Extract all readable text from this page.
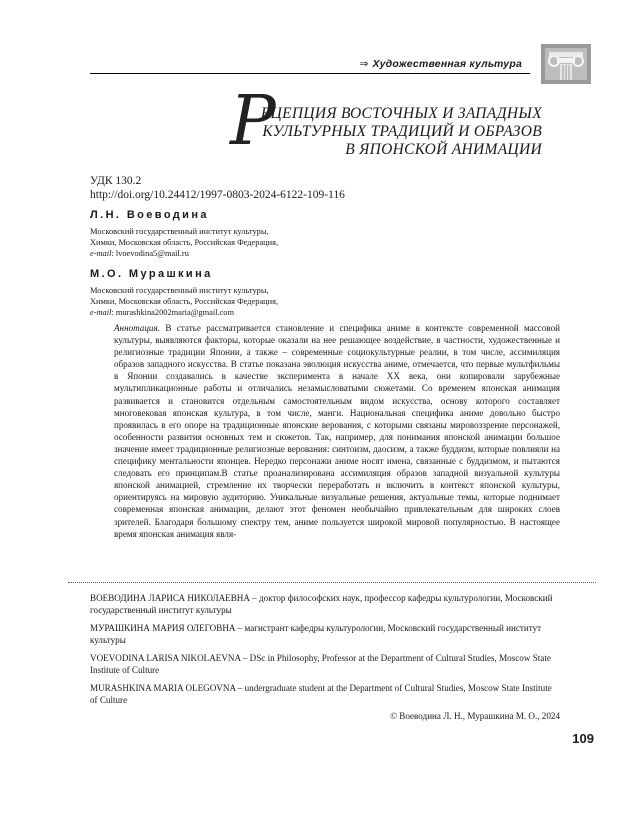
⇒ Художественная культура
Р
ЕЦЕПЦИЯ ВОСТОЧНЫХ И ЗАПАДНЫХ
КУЛЬТУРНЫХ ТРАДИЦИЙ И ОБРАЗОВ
В ЯПОНСКОЙ АНИМАЦИИ
УДК 130.2
http://doi.org/10.24412/1997-0803-2024-6122-109-116
Л.Н. Воеводина
Московский государственный институт культуры,
Химки, Московская область, Российская Федерация,
e-mail: lvoevodina5@mail.ru
М.О. Мурашкина
Московский государственный институт культуры,
Химки, Московская область, Российская Федерация,
e-mail: murashkina2002maria@gmail.com

Аннотация. В статье рассматривается становление и специфика аниме в контексте современной массовой культуры, выявляются факторы, которые оказали на нее решающее воздействие, в частности, художественные и религиозные традиции Японии, а также – современные социокультурные реалии, в том числе, ассимиляция образов западного искусства. В статье показана эволюция искусства аниме, отмечается, что первые мультфильмы в Японии создавались в качестве эксперимента в начале XX века, они копировали зарубежные мультипликационные работы и отличались незамысловатыми сюжетами. Со временем японская анимация развивается и становится отдельным самостоятельным видом искусства, основу которого составляет многовековая японская культура, в том числе, манги. Национальная специфика аниме довольно быстро проявилась в его опоре на традиционные японские верования, с которыми связаны мировоззрение персонажей, особенности развития основных тем и сюжетов. Так, например, для понимания японской анимации большое значение имеет традиционные религиозные верования: синтоизм, даосизм, а также буддизм, которые повлияли на специфику ментальности японцев. Нередко персонажи аниме носят имена, связанные с буддизмом, и пытаются следовать его принципам.В статье проанализирована ассимиляция образов западной визуальной культуры японской анимацией, стремление их творчески переработать и включить в контекст японской культуры, ориентируясь на мировую аудиторию. Уникальные визуальные решения, актуальные темы, которые поднимает современная японская анимации, делают этот феномен необычайно привлекательным для широких слоев зрителей. Благодаря большому спектру тем, аниме пользуется широкой мировой популярностью. В настоящее время японская анимация явля-

ВОЕВОДИНА ЛАРИСА НИКОЛАЕВНА – доктор философских наук, профессор кафедры культурологии, Московский государственный институт культуры

МУРАШКИНА МАРИЯ ОЛЕГОВНА – магистрант кафедры культурологии, Московский государственный институт культуры

VOEVODINA LARISA NIKOLAEVNA – DSc in Philosophy, Professor at the Department of Cultural Studies, Moscow State Institute of Culture

MURASHKINA MARIA OLEGOVNA – undergraduate student at the Department of Cultural Studies, Moscow State Institute of Culture

© Воеводина Л. Н., Мурашкина М. О., 2024
109
